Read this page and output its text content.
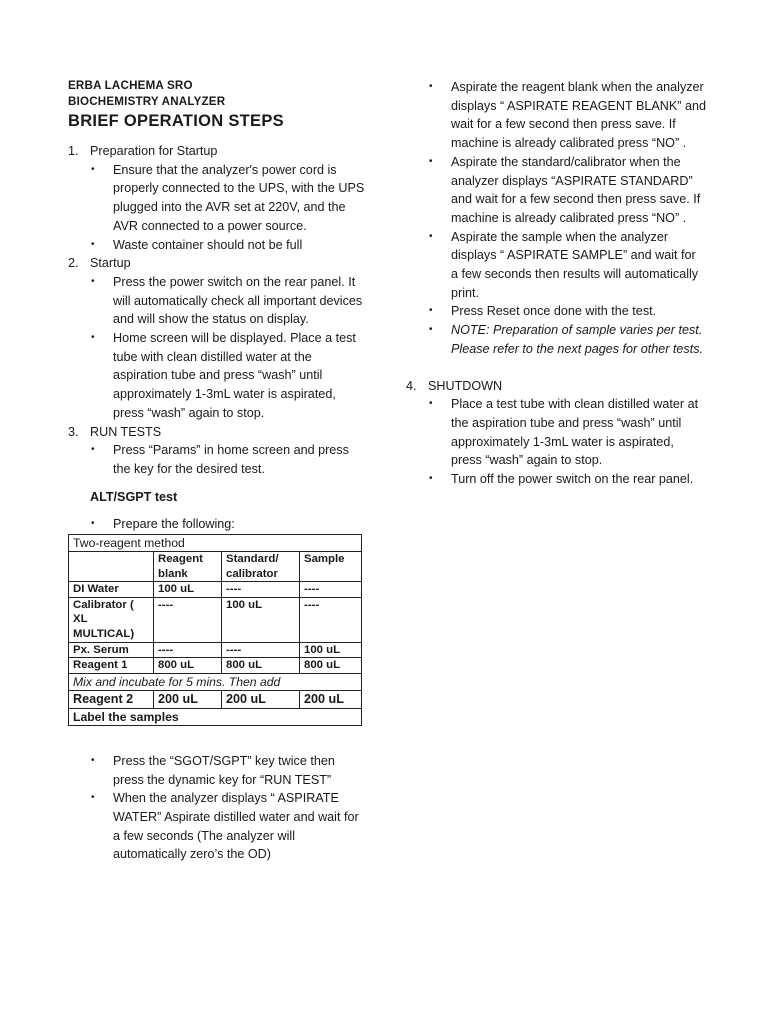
ERBA LACHEMA SRO
BIOCHEMISTRY ANALYZER
BRIEF OPERATION STEPS
1. Preparation for Startup
•	Ensure that the analyzer's power cord is properly connected to the UPS, with the UPS plugged into the AVR set at 220V, and the AVR connected to a power source.
•	Waste container should not be full
2. Startup
•	Press the power switch on the rear panel. It will automatically check all important devices and will show the status on display.
•	Home screen will be displayed. Place a test tube with clean distilled water at the aspiration tube and press “wash” until approximately 1-3mL water is aspirated, press “wash” again to stop.
3. RUN TESTS
•	Press “Params” in home screen and press the key for the desired test.
ALT/SGPT test
•	Prepare the following:
Two-reagent method			
	Reagent blank	Standard/ calibrator	Sample
DI Water	100 uL	----	----
Calibrator ( XL MULTICAL)	----	100 uL	----
Px. Serum	----	----	100 uL
Reagent 1	800 uL	800 uL	800 uL
Mix and incubate for 5 mins. Then add			
Reagent 2	200 uL	200 uL	200 uL
Label the samples			
•	Press the “SGOT/SGPT” key twice then press the dynamic key for “RUN TEST”
•	When the analyzer displays “ ASPIRATE WATER” Aspirate distilled water and wait for a few seconds (The analyzer will automatically zero’s the OD)
•	Aspirate the reagent blank when the analyzer displays “ ASPIRATE REAGENT BLANK” and wait for a few second then press save. If machine is already calibrated press “NO” .
•	Aspirate the standard/calibrator when the analyzer displays “ASPIRATE STANDARD” and wait for a few second then press save. If machine is already calibrated press “NO” .
•	Aspirate the sample when the analyzer displays “ ASPIRATE SAMPLE” and wait for a few seconds then results will automatically print.
•	Press Reset once done with the test.
•	NOTE: Preparation of sample varies per test. Please refer to the next pages for other tests.
4. SHUTDOWN
•	Place a test tube with clean distilled water at the aspiration tube and press “wash” until approximately 1-3mL water is aspirated, press “wash” again to stop.
•	Turn off the power switch on the rear panel.
